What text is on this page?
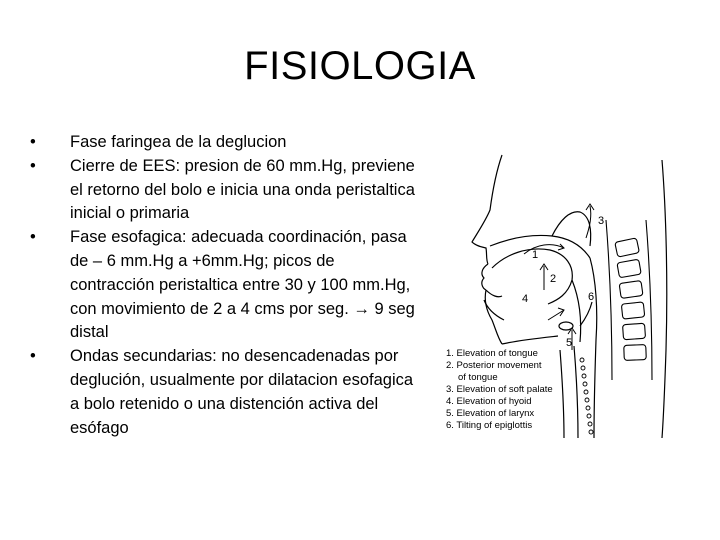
FISIOLOGIA
• Fase faringea de la deglucion
• Cierre de EES: presion de 60 mm.Hg, previene el retorno del bolo e inicia una onda peristaltica inicial o primaria
• Fase esofagica: adecuada coordinación, pasa de – 6 mm.Hg a +6mm.Hg; picos de contracción peristaltica entre 30 y 100 mm.Hg, con movimiento de 2 a 4 cms por seg. → 9 seg distal
• Ondas secundarias: no desencadenadas por deglución, usualmente por dilatacion esofagica a bolo retenido o una distención activa del esófago
1
2
3
4
5
6
1. Elevation of tongue
2. Posterior movement
of tongue
3. Elevation of soft palate
4. Elevation of hyoid
5. Elevation of larynx
6. Tilting of epiglottis
